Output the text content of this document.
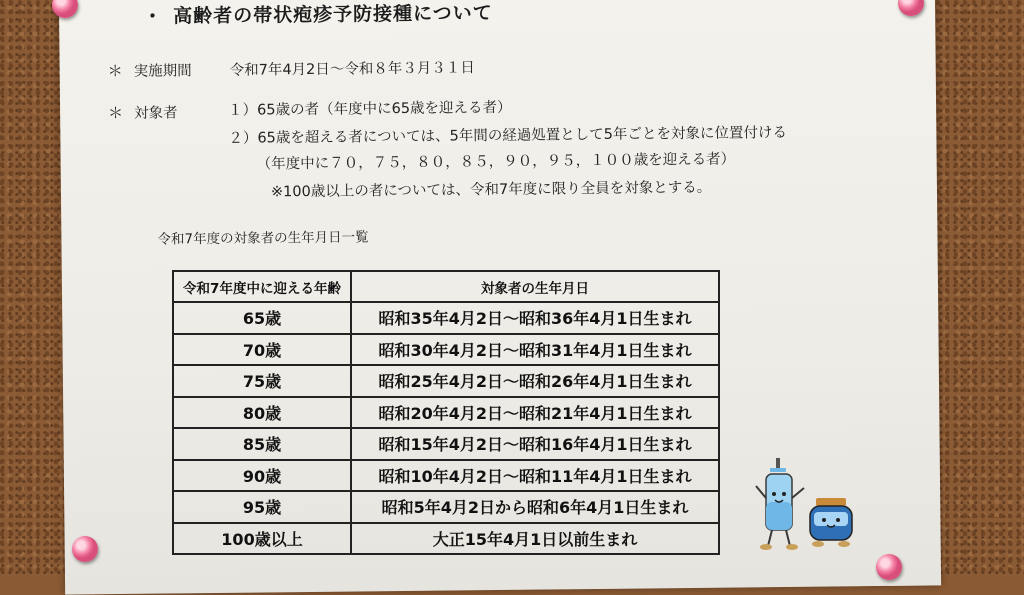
・ 高齢者の帯状疱疹予防接種について
＊ 実施期間	令和7年4月2日～令和８年３月３１日
＊ 対象者	１）65歳の者（年度中に65歳を迎える者）
２）65歳を超える者については、5年間の経過処置として5年ごとを対象に位置付ける
（年度中に７０，７５，８０，８５，９０，９５，１００歳を迎える者）
※100歳以上の者については、令和7年度に限り全員を対象とする。
令和7年度の対象者の生年月日一覧
令和7年度中に迎える年齢	対象者の生年月日
65歳	昭和35年4月2日～昭和36年4月1日生まれ
70歳	昭和30年4月2日～昭和31年4月1日生まれ
75歳	昭和25年4月2日～昭和26年4月1日生まれ
80歳	昭和20年4月2日～昭和21年4月1日生まれ
85歳	昭和15年4月2日～昭和16年4月1日生まれ
90歳	昭和10年4月2日～昭和11年4月1日生まれ
95歳	昭和5年4月2日から昭和6年4月1日生まれ
100歳以上	大正15年4月1日以前生まれ
